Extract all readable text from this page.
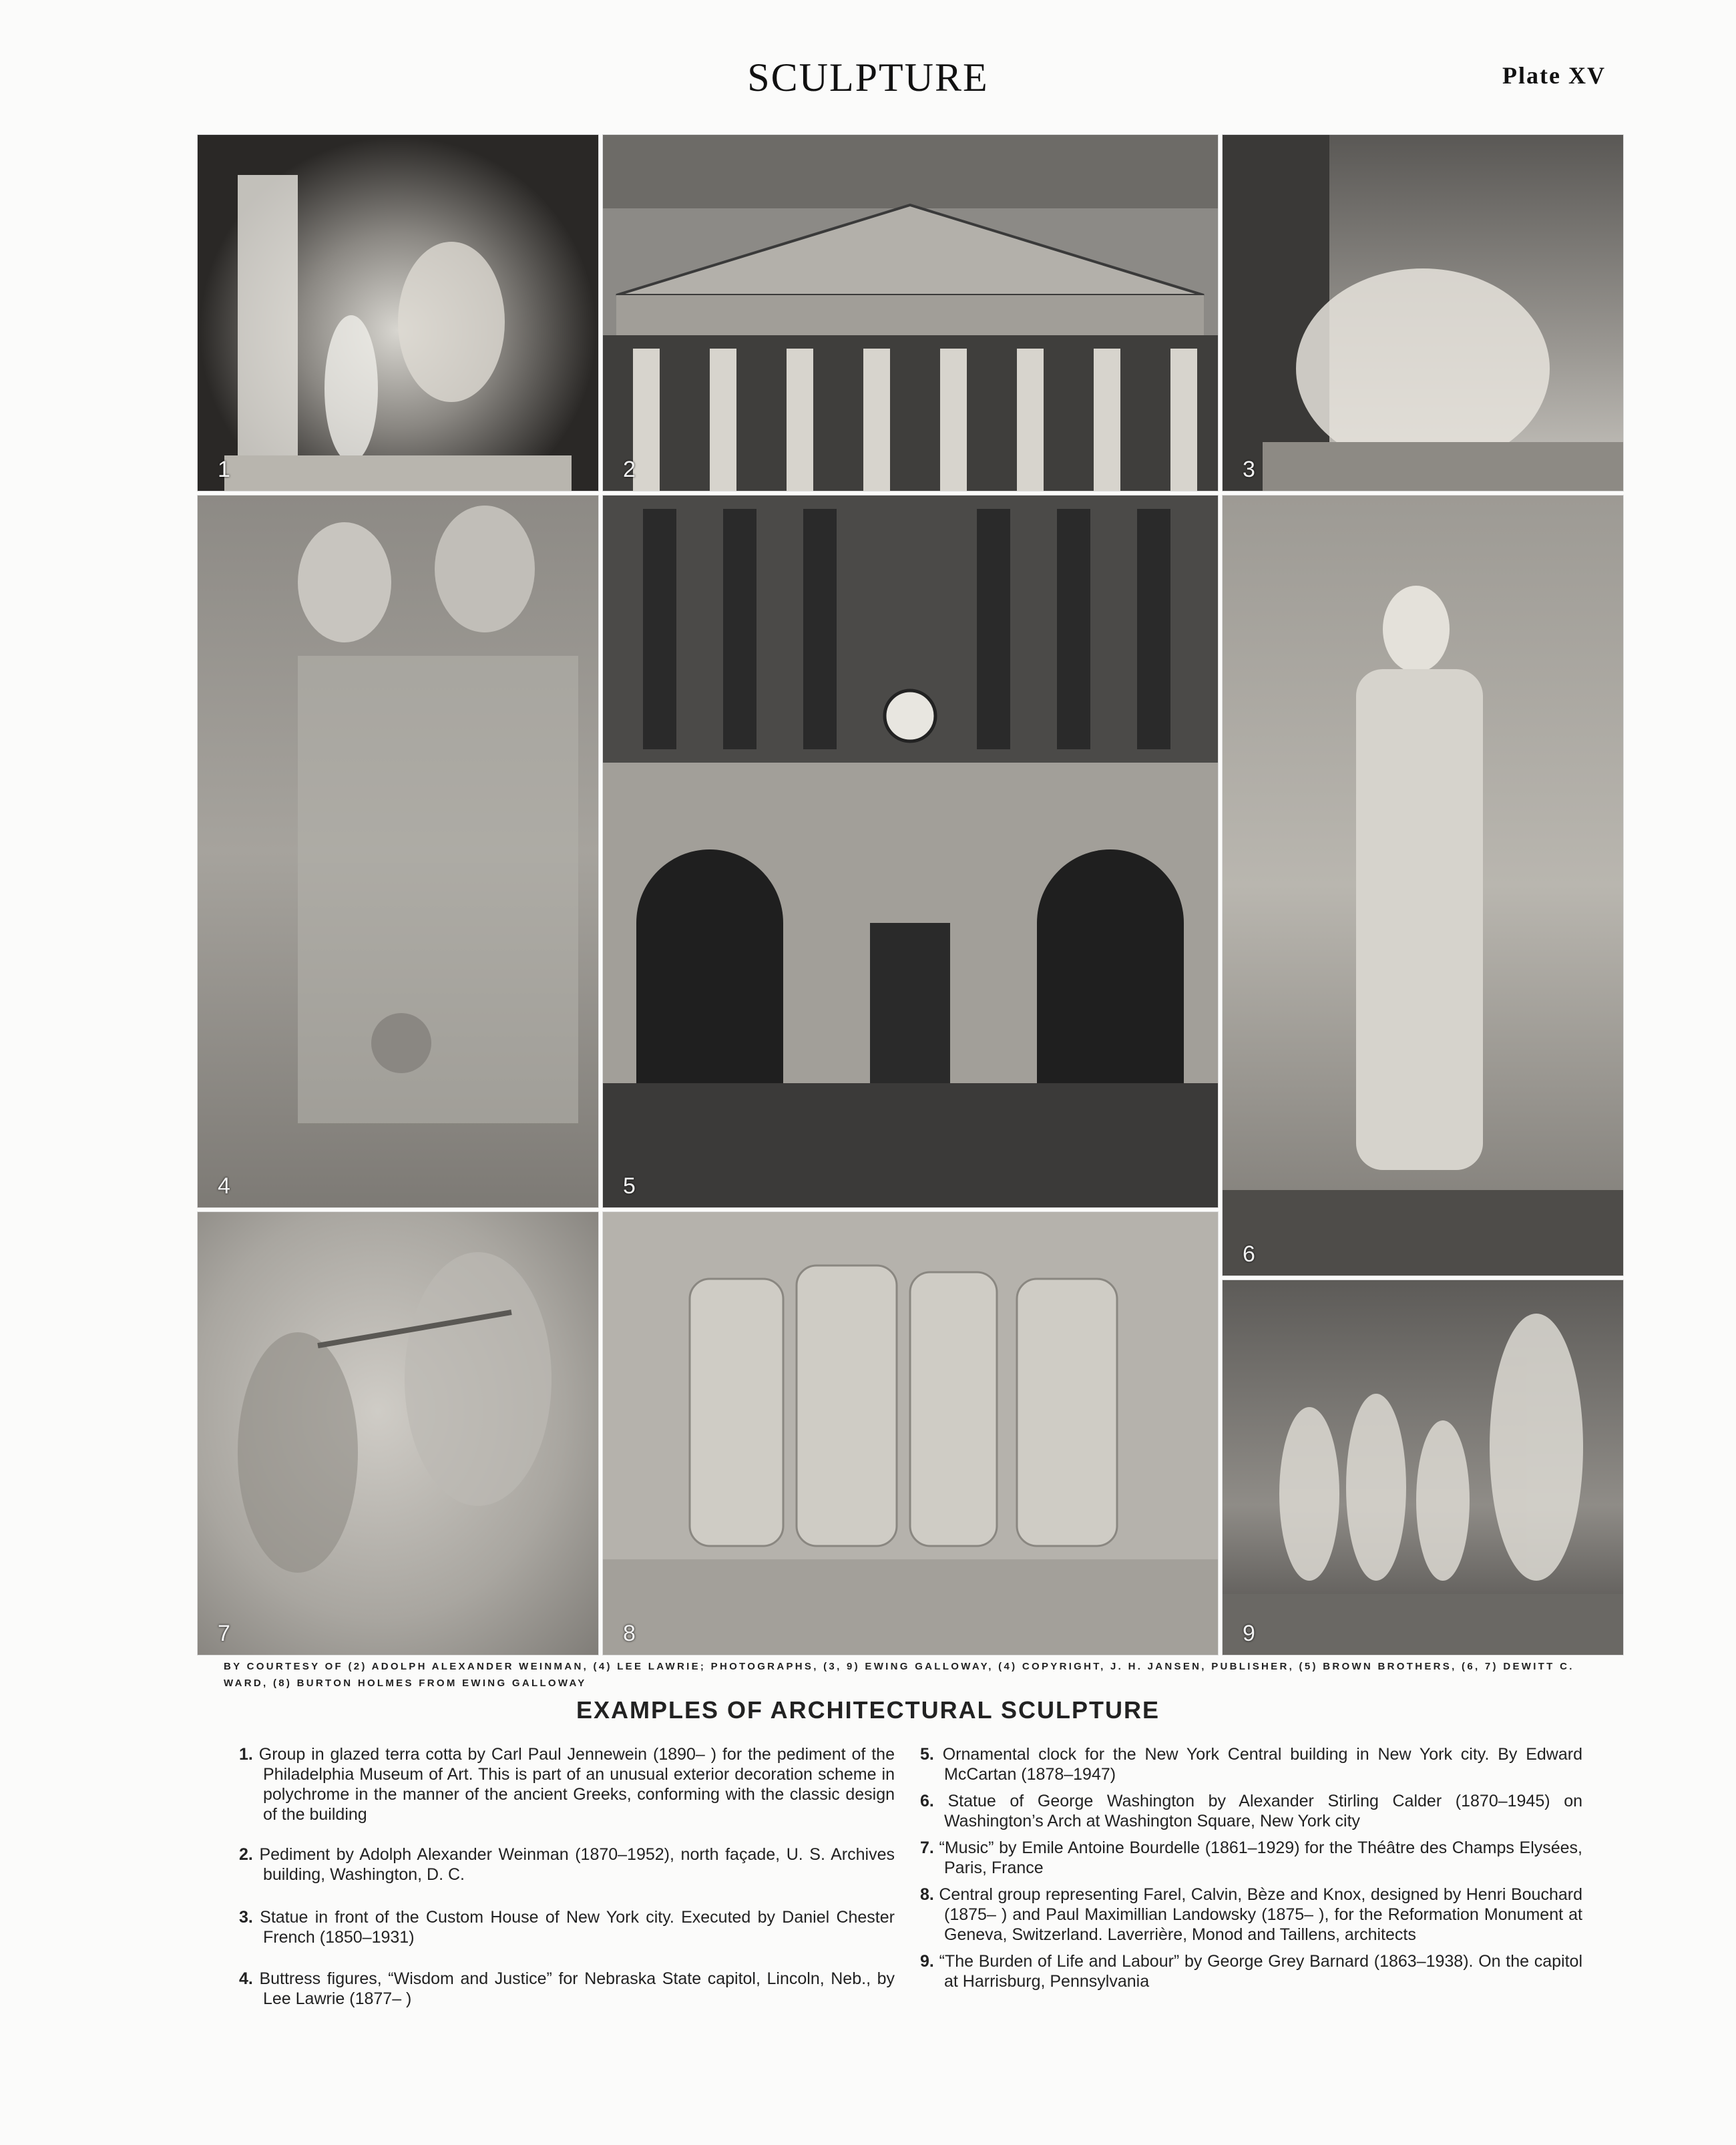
SCULPTURE	Plate XV
1	2	3
4	5
6
7	8	9
BY COURTESY OF (2) ADOLPH ALEXANDER WEINMAN, (4) LEE LAWRIE; PHOTOGRAPHS, (3, 9) EWING GALLOWAY, (4) COPYRIGHT, J. H. JANSEN, PUBLISHER, (5) BROWN BROTHERS, (6, 7) DEWITT C. WARD, (8) BURTON HOLMES FROM EWING GALLOWAY
EXAMPLES OF ARCHITECTURAL SCULPTURE
1. Group in glazed terra cotta by Carl Paul Jennewein (1890– ) for the pediment of the Philadelphia Museum of Art. This is part of an unusual exterior decoration scheme in polychrome in the manner of the ancient Greeks, conforming with the classic design of the building
2. Pediment by Adolph Alexander Weinman (1870–1952), north façade, U. S. Archives building, Washington, D. C.
3. Statue in front of the Custom House of New York city. Executed by Daniel Chester French (1850–1931)
4. Buttress figures, “Wisdom and Justice” for Nebraska State capitol, Lincoln, Neb., by Lee Lawrie (1877– )
5. Ornamental clock for the New York Central building in New York city. By Edward McCartan (1878–1947)
6. Statue of George Washington by Alexander Stirling Calder (1870–1945) on Washington’s Arch at Washington Square, New York city
7. “Music” by Emile Antoine Bourdelle (1861–1929) for the Théâtre des Champs Elysées, Paris, France
8. Central group representing Farel, Calvin, Bèze and Knox, designed by Henri Bouchard (1875– ) and Paul Maximillian Landowsky (1875– ), for the Reformation Monument at Geneva, Switzerland. Laverrière, Monod and Taillens, architects
9. “The Burden of Life and Labour” by George Grey Barnard (1863–1938). On the capitol at Harrisburg, Pennsylvania
